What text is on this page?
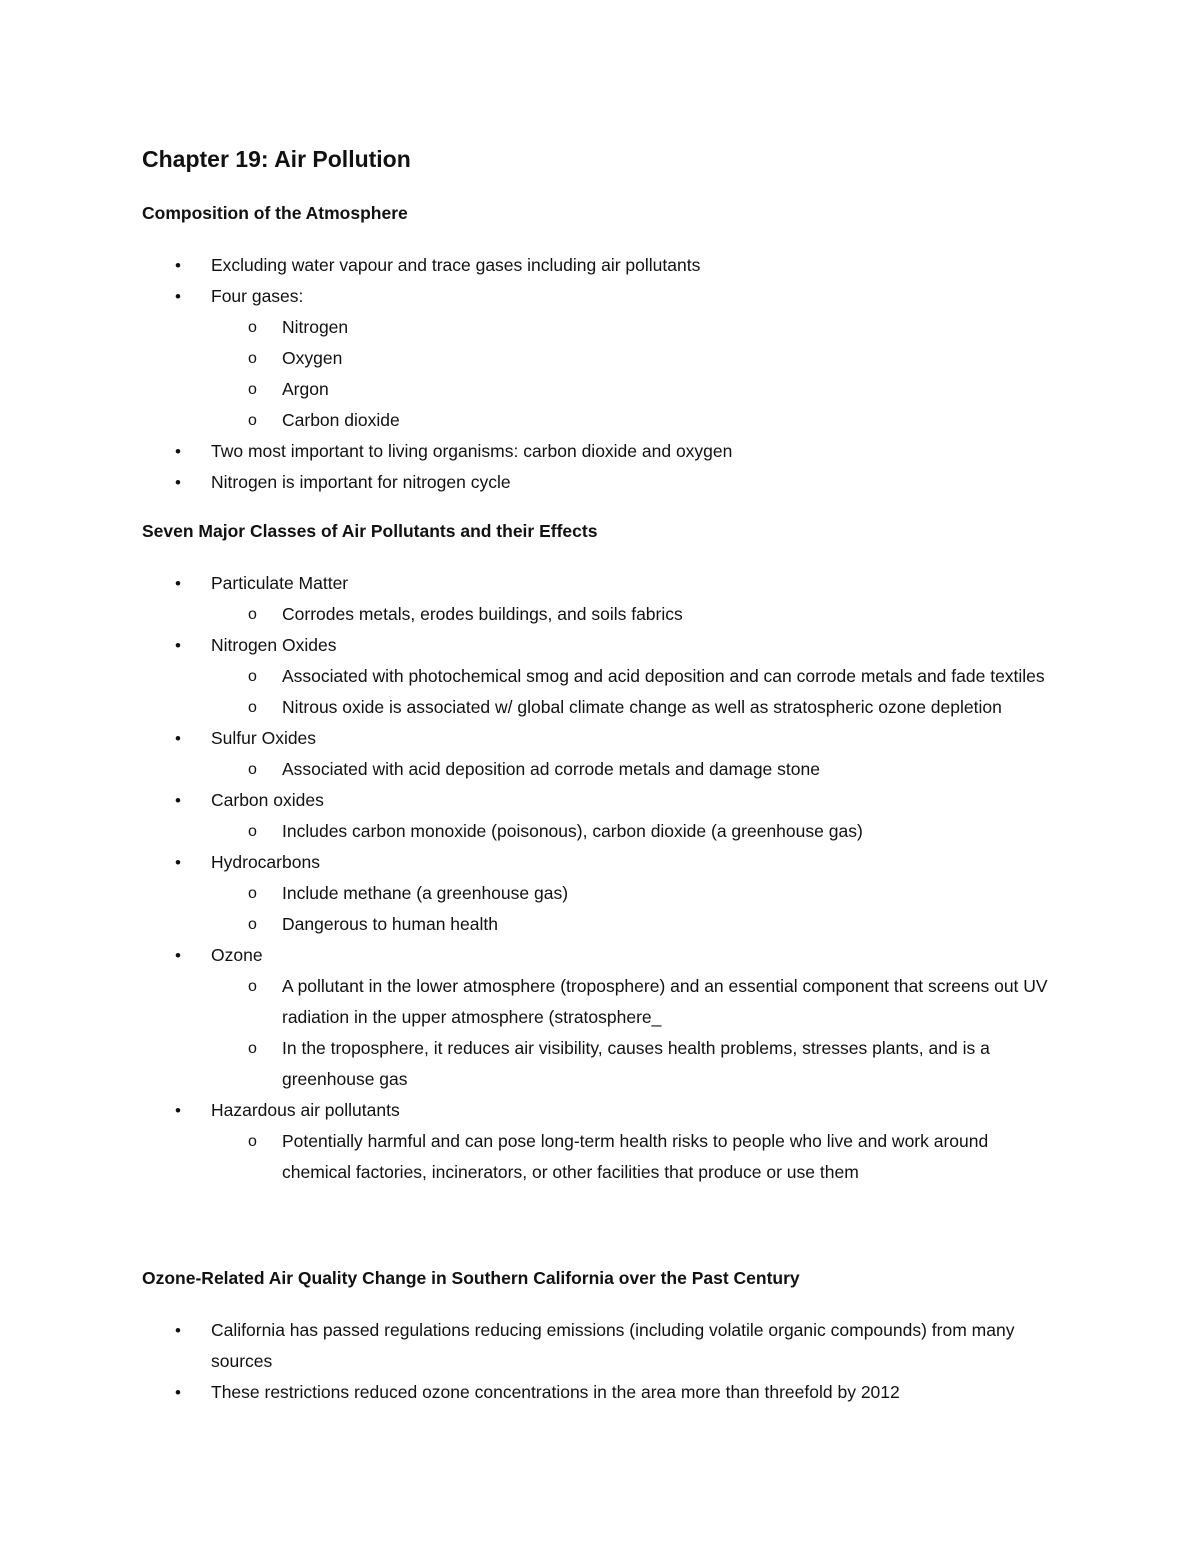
Chapter 19: Air Pollution
Composition of the Atmosphere
• Excluding water vapour and trace gases including air pollutants
• Four gases:
o Nitrogen
o Oxygen
o Argon
o Carbon dioxide
• Two most important to living organisms: carbon dioxide and oxygen
• Nitrogen is important for nitrogen cycle
Seven Major Classes of Air Pollutants and their Effects
• Particulate Matter
o Corrodes metals, erodes buildings, and soils fabrics
• Nitrogen Oxides
o Associated with photochemical smog and acid deposition and can corrode metals and fade textiles
o Nitrous oxide is associated w/ global climate change as well as stratospheric ozone depletion
• Sulfur Oxides
o Associated with acid deposition ad corrode metals and damage stone
• Carbon oxides
o Includes carbon monoxide (poisonous), carbon dioxide (a greenhouse gas)
• Hydrocarbons
o Include methane (a greenhouse gas)
o Dangerous to human health
• Ozone
o A pollutant in the lower atmosphere (troposphere) and an essential component that screens out UV radiation in the upper atmosphere (stratosphere_
o In the troposphere, it reduces air visibility, causes health problems, stresses plants, and is a greenhouse gas
• Hazardous air pollutants
o Potentially harmful and can pose long-term health risks to people who live and work around chemical factories, incinerators, or other facilities that produce or use them
Ozone-Related Air Quality Change in Southern California over the Past Century
• California has passed regulations reducing emissions (including volatile organic compounds) from many sources
• These restrictions reduced ozone concentrations in the area more than threefold by 2012
